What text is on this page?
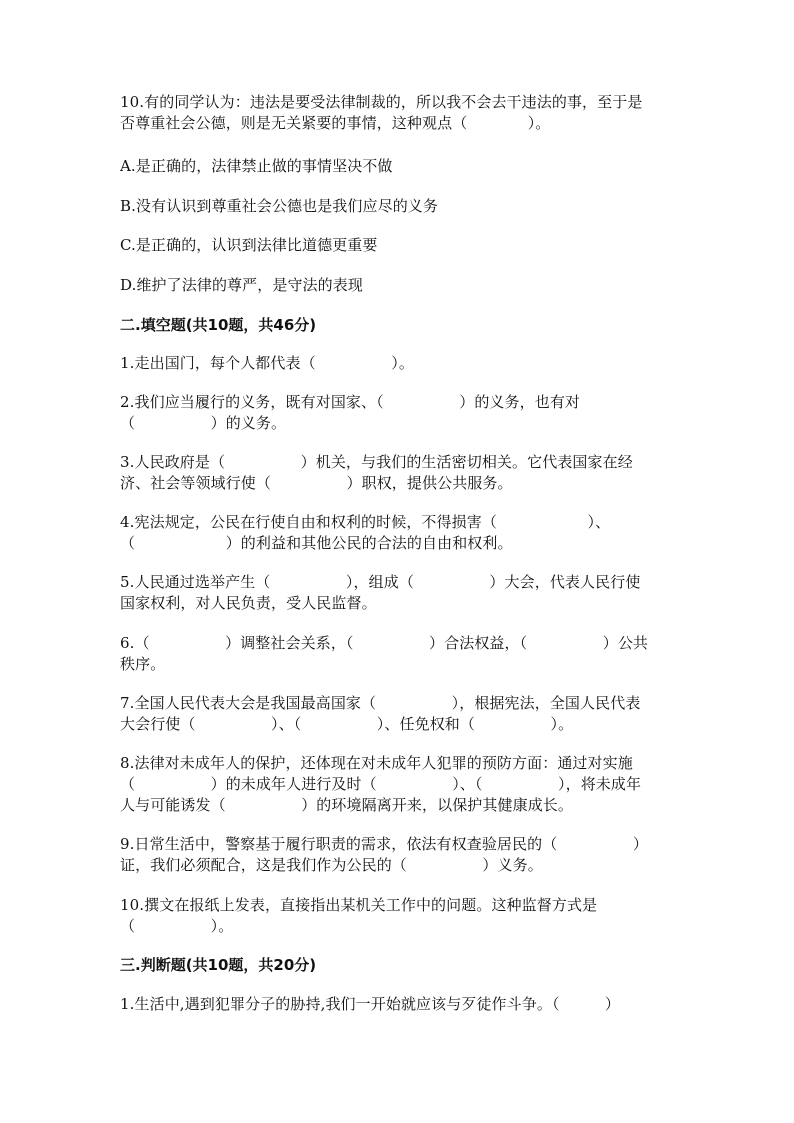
10.有的同学认为：违法是要受法律制裁的，所以我不会去干违法的事，至于是
否尊重社会公德，则是无关紧要的事情，这种观点（　　　　）。
A.是正确的，法律禁止做的事情坚决不做
B.没有认识到尊重社会公德也是我们应尽的义务
C.是正确的，认识到法律比道德更重要
D.维护了法律的尊严，是守法的表现
二.填空题(共10题，共46分)
1.走出国门，每个人都代表（　　　　　）。
2.我们应当履行的义务，既有对国家、（　　　　　）的义务，也有对
（　　　　　）的义务。
3.人民政府是（　　　　　）机关，与我们的生活密切相关。它代表国家在经
济、社会等领域行使（　　　　　）职权，提供公共服务。
4.宪法规定，公民在行使自由和权利的时候，不得损害（　　　　　　）、
（　　　　　　）的利益和其他公民的合法的自由和权利。
5.人民通过选举产生（　　　　　），组成（　　　　　）大会，代表人民行使
国家权利，对人民负责，受人民监督。
6.（　　　　　）调整社会关系，（　　　　　）合法权益，（　　　　　）公共
秩序。
7.全国人民代表大会是我国最高国家（　　　　　），根据宪法，全国人民代表
大会行使（　　　　　）、（　　　　　）、任免权和（　　　　　）。
8.法律对未成年人的保护，还体现在对未成年人犯罪的预防方面：通过对实施
（　　　　　）的未成年人进行及时（　　　　　）、（　　　　　），将未成年
人与可能诱发（　　　　　）的环境隔离开来，以保护其健康成长。
9.日常生活中，警察基于履行职责的需求，依法有权查验居民的（　　　　　）
证，我们必须配合，这是我们作为公民的（　　　　　）义务。
10.撰文在报纸上发表，直接指出某机关工作中的问题。这种监督方式是
（　　　　　）。
三.判断题(共10题，共20分)
1.生活中,遇到犯罪分子的胁持,我们一开始就应该与歹徒作斗争。（　　　）
